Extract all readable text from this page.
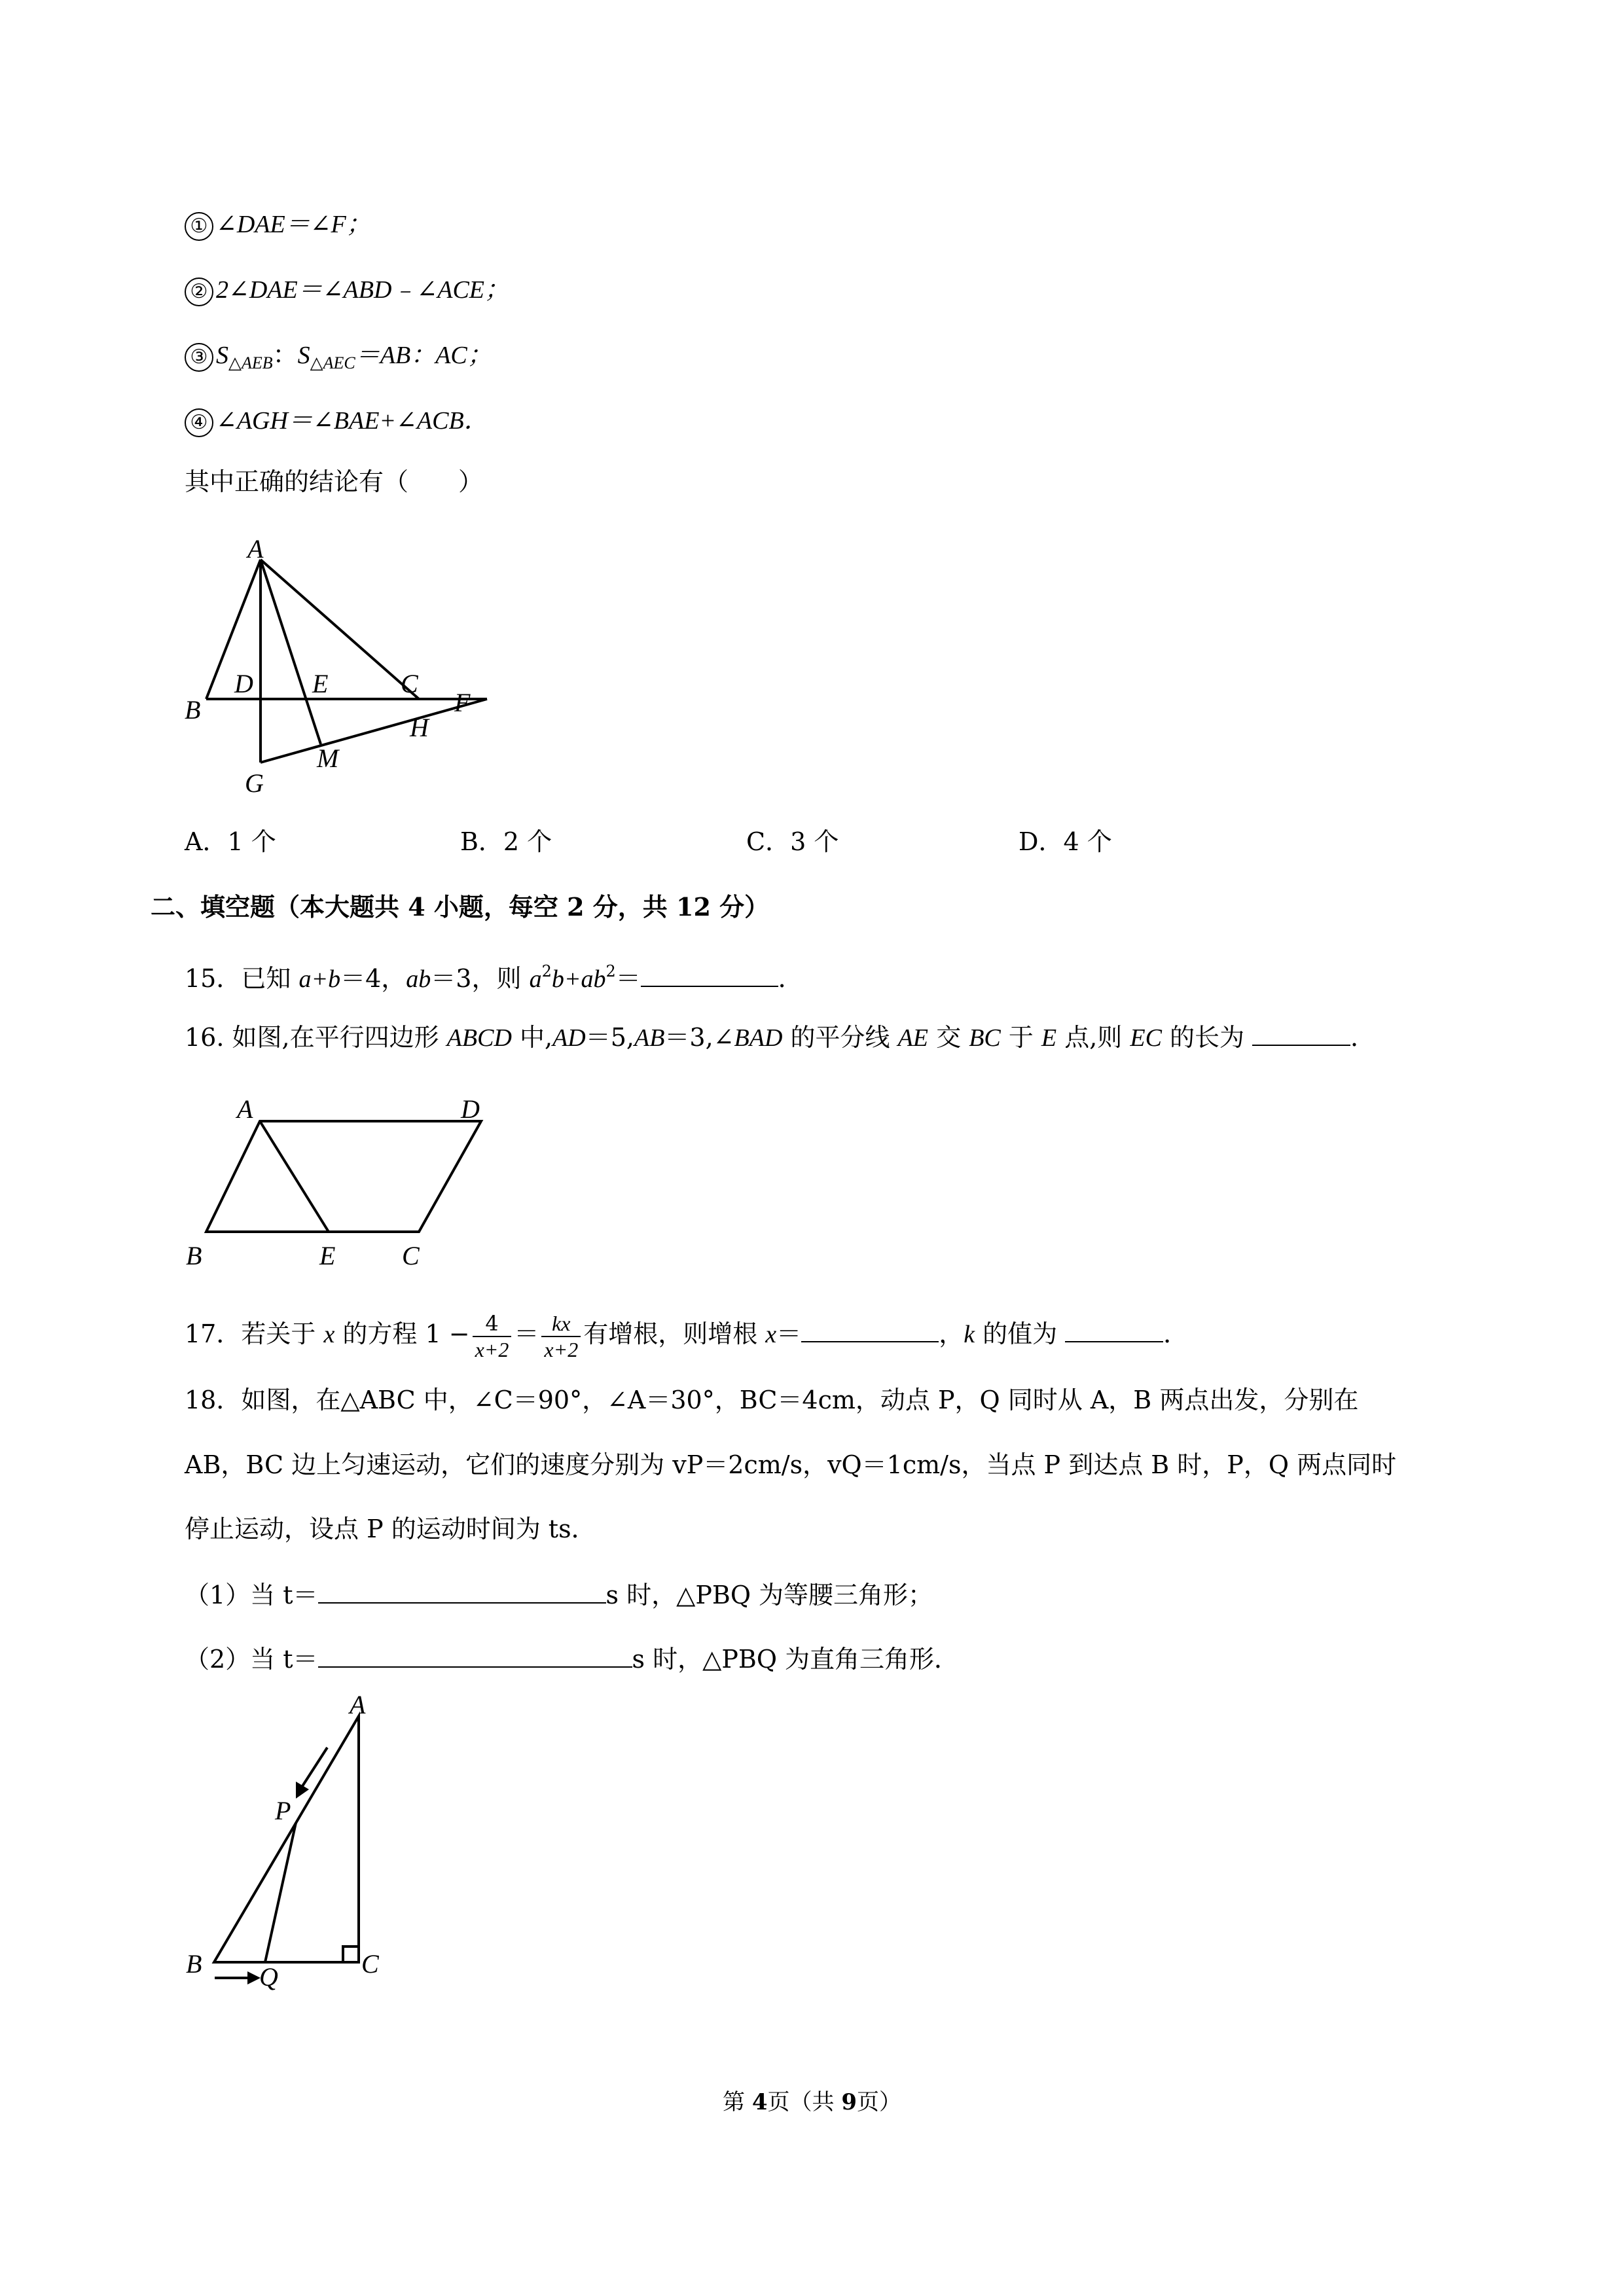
① ∠DAE＝∠F；
② 2∠DAE＝∠ABD﹣∠ACE；
③ $S_{\triangle AEB}$：$S_{\triangle AEC}=AB$：AC；
④ ∠AGH＝∠BAE+∠ACB．
其中正确的结论有（　　）
A
B
D E	C
F
H
M
G
A．1 个	B．2 个	C．3 个	D．4 个
二、填空题（本大题共 4 小题，每空 2 分，共 12 分）
15．已知 a+b＝4，ab＝3，则 $a^2b+ab^2=$	．
16. 如图,在平行四边形 ABCD 中,AD＝5,AB＝3,∠BAD 的平分线 AE 交 BC 于 E 点,则 EC 的长为	．
A	D
B	E	C
17．若关于 x 的方程 $1 - \frac{4}{x+2} = \frac{kx}{x+2}$ 有增根，则增根 x＝	，k 的值为	．
18．如图，在△ABC 中，∠C＝90°，∠A＝30°，BC＝4cm，动点 P，Q 同时从 A，B 两点出发，分别在
AB，BC 边上匀速运动，它们的速度分别为 vP＝2cm/s，vQ＝1cm/s，当点 P 到达点 B 时，P，Q 两点同时
停止运动，设点 P 的运动时间为 ts．
（1）当 t＝	s 时，△PBQ 为等腰三角形；
（2）当 t＝	s 时，△PBQ 为直角三角形．
A
P
B Q	C
第 4页（共 9页）
